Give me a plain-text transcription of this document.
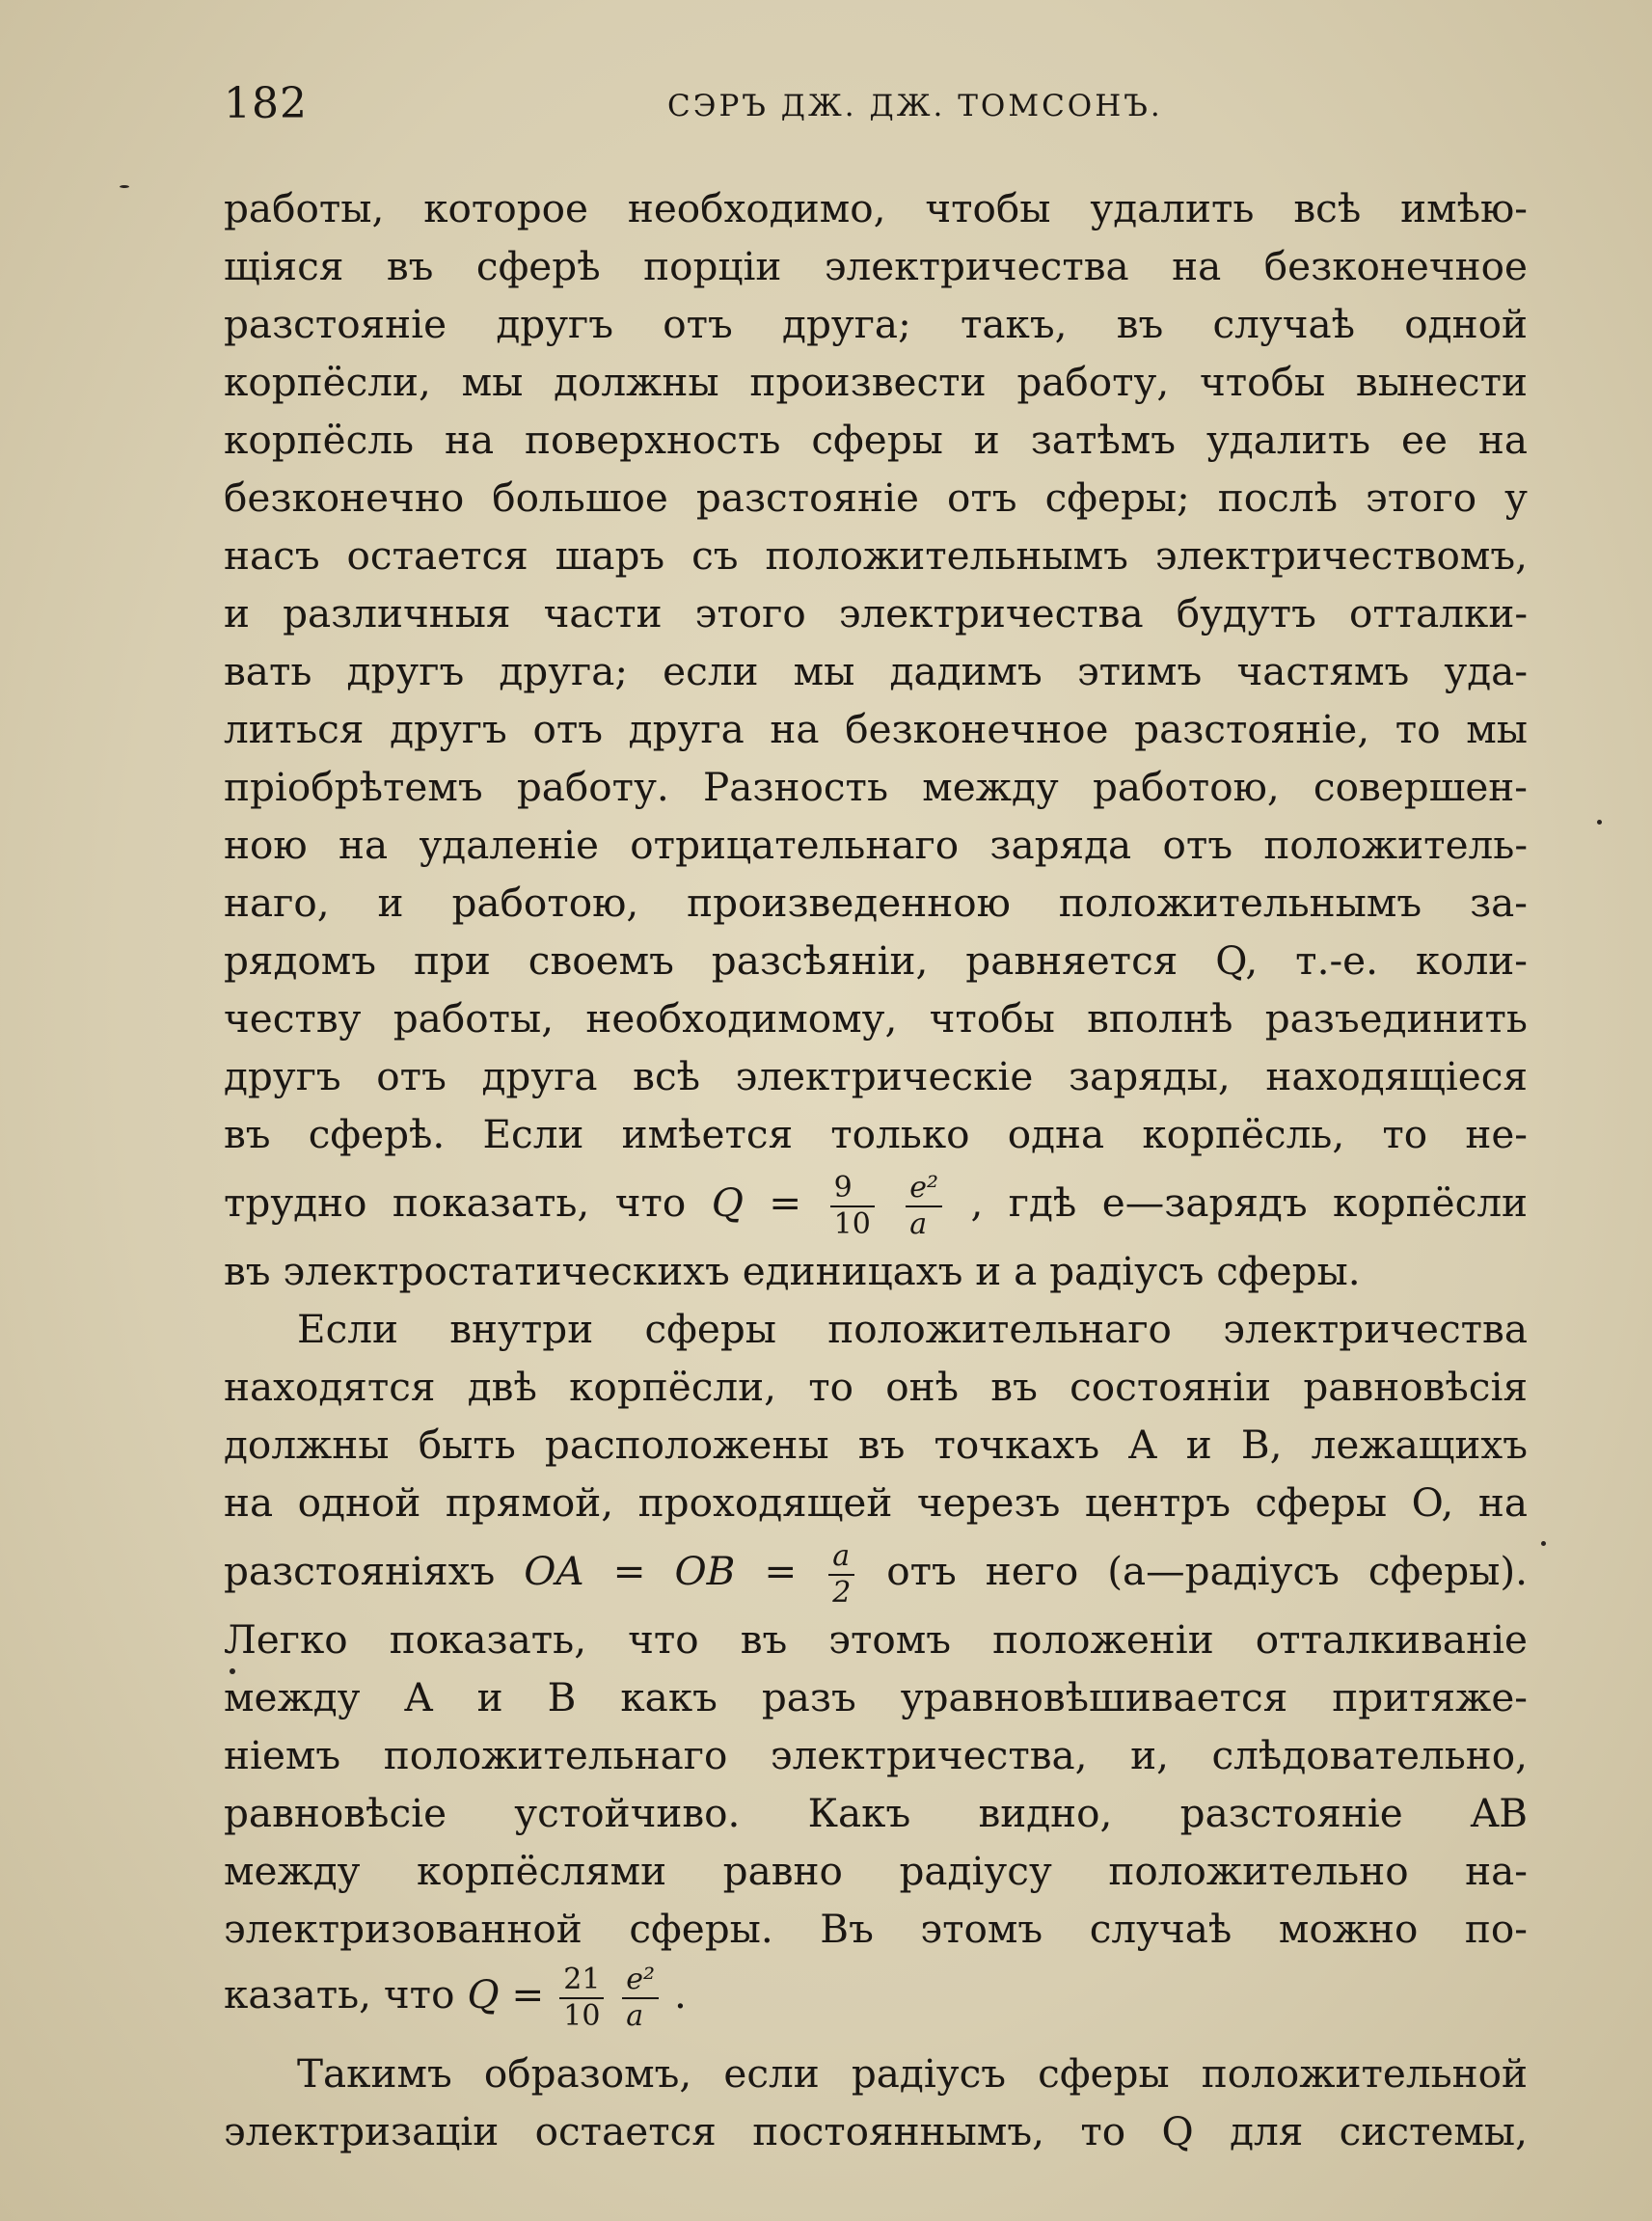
182	СЭРЪ ДЖ. ДЖ. ТОМСОНЪ.
работы, которое необходимо, чтобы удалить всѣ имѣю-
щіяся въ сферѣ порціи электричества на безконечное
разстояніе другъ отъ друга; такъ, въ случаѣ одной
корпёсли, мы должны произвести работу, чтобы вынести
корпёсль на поверхность сферы и затѣмъ удалить ее на
безконечно большое разстояніе отъ сферы; послѣ этого у
насъ остается шаръ съ положительнымъ электричествомъ,
и различныя части этого электричества будутъ отталки-
вать другъ друга; если мы дадимъ этимъ частямъ уда-
литься другъ отъ друга на безконечное разстояніе, то мы
пріобрѣтемъ работу. Разность между работою, совершен-
ною на удаленіе отрицательнаго заряда отъ положитель-
наго, и работою, произведенною положительнымъ за-
рядомъ при своемъ разсѣяніи, равняется Q, т.-е. коли-
честву работы, необходимому, чтобы вполнѣ разъединить
другъ отъ друга всѣ электрическіе заряды, находящіеся
въ сферѣ. Если имѣется только одна корпёсль, то не-
трудно показать, что $Q = \frac{9}{10}$
$\frac{\text{e²}}{a}$ , гдѣ e—зарядъ корпёсли
въ электростатическихъ единицахъ и a радіусъ сферы.
Если внутри сферы положительнаго электричества
находятся двѣ корпёсли, то онѣ въ состояніи равновѣсія
должны быть расположены въ точкахъ A и B, лежащихъ
на одной прямой, проходящей черезъ центръ сферы O, на
разстояніяхъ OA = OB = $\frac{a}{2}$ отъ него (a—радіусъ сферы).
Легко показать, что въ этомъ положеніи отталкиваніе
между A и B какъ разъ уравновѣшивается притяже-
ніемъ положительнаго электричества, и, слѣдовательно,
равновѣсіе устойчиво. Какъ видно, разстояніе AB
между корпёслями равно радіусу положительно на-
электризованной сферы. Въ этомъ случаѣ можно по-
казать, что $Q = \frac{21}{10}$
$\frac{\text{e²}}{a}$ .
Такимъ образомъ, если радіусъ сферы положительной
электризаціи остается постояннымъ, то Q для системы,
